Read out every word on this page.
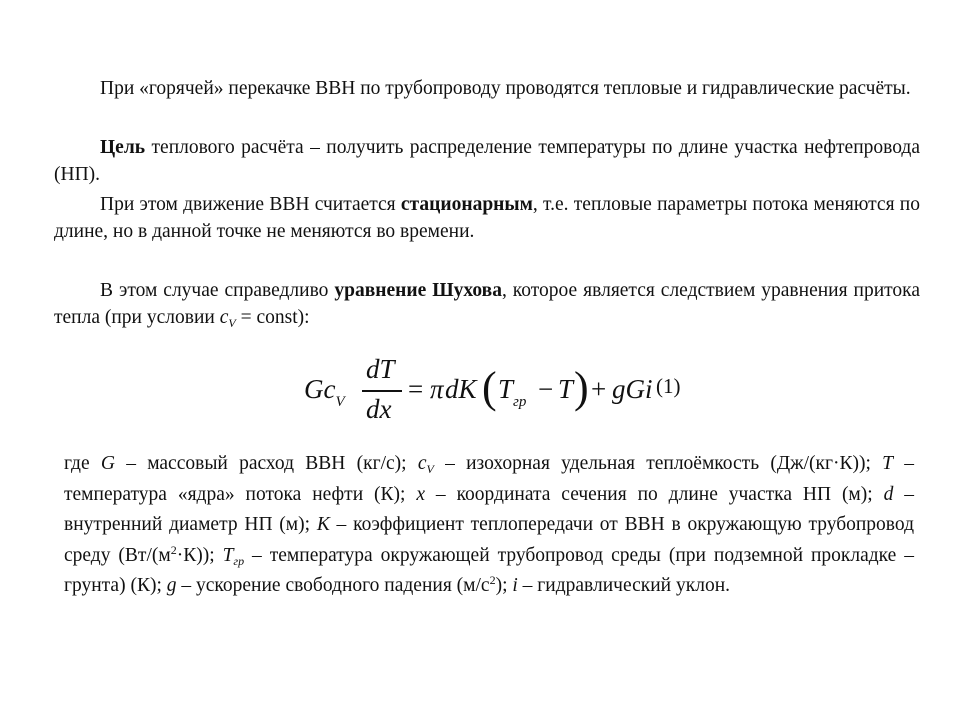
При «горячей» перекачке ВВН по трубопроводу проводятся тепловые и гидравлические расчёты.
Цель теплового расчёта – получить распределение температуры по длине участка нефтепровода (НП).
При этом движение ВВН считается стационарным, т.е. тепловые параметры потока меняются по длине, но в данной точке не меняются во времени.
В этом случае справедливо уравнение Шухова, которое является следствием уравнения притока тепла (при условии $c_V$ = const):
$Gc_V$
dT
dx
= π dK ( $T_{гр} - T$ ) + gGi (1)
где G – массовый расход ВВН (кг/с); $c_V$ – изохорная удельная теплоёмкость (Дж/(кг·К)); T – температура «ядра» потока нефти (К); x – координата сечения по длине участка НП (м); d – внутренний диаметр НП (м); К – коэффициент теплопередачи от ВВН в окружающую трубопровод среду $(Вт/(м^2\cdot К))$; $T_{гр}$ – температура окружающей трубопровод среды (при подземной прокладке – грунта) (К); g – ускорение свободного падения $(м/с^2)$; i – гидравлический уклон.
